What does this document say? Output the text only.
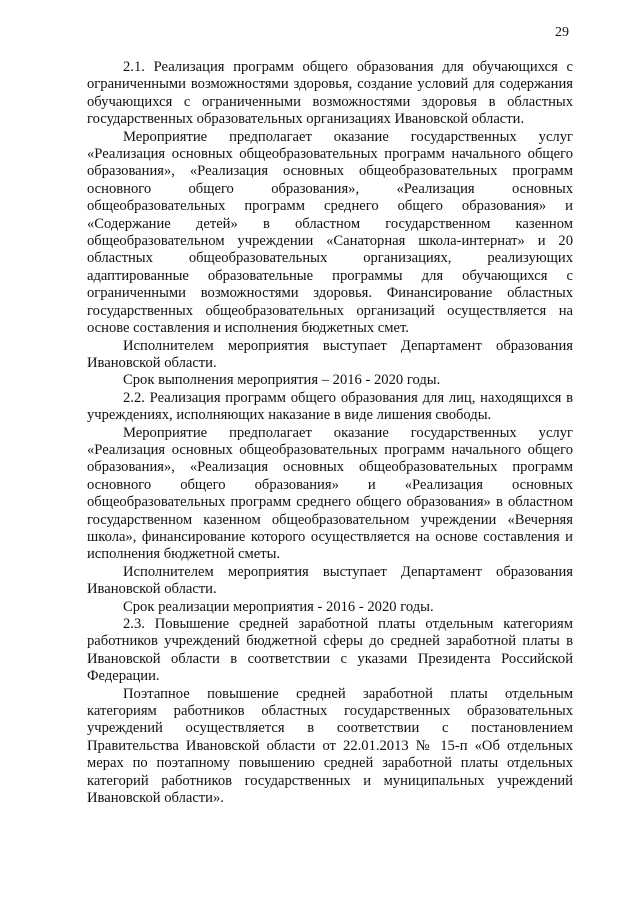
29

2.1. Реализация программ общего образования для обучающихся с ограниченными возможностями здоровья, создание условий для содержания обучающихся с ограниченными возможностями здоровья в областных государственных образовательных организациях Ивановской области.

Мероприятие предполагает оказание государственных услуг «Реализация основных общеобразовательных программ начального общего образования», «Реализация основных общеобразовательных программ основного общего образования», «Реализация основных общеобразовательных программ среднего общего образования» и «Содержание детей» в областном государственном казенном общеобразовательном учреждении «Санаторная школа-интернат» и 20 областных общеобразовательных организациях, реализующих адаптированные образовательные программы для обучающихся с ограниченными возможностями здоровья. Финансирование областных государственных общеобразовательных организаций осуществляется на основе составления и исполнения бюджетных смет.

Исполнителем мероприятия выступает Департамент образования Ивановской области.

Срок выполнения мероприятия – 2016 - 2020 годы.

2.2. Реализация программ общего образования для лиц, находящихся в учреждениях, исполняющих наказание в виде лишения свободы.

Мероприятие предполагает оказание государственных услуг «Реализация основных общеобразовательных программ начального общего образования», «Реализация основных общеобразовательных программ основного общего образования» и «Реализация основных общеобразовательных программ среднего общего образования» в областном государственном казенном общеобразовательном учреждении «Вечерняя школа», финансирование которого осуществляется на основе составления и исполнения бюджетной сметы.

Исполнителем мероприятия выступает Департамент образования Ивановской области.

Срок реализации мероприятия - 2016 - 2020 годы.

2.3. Повышение средней заработной платы отдельным категориям работников учреждений бюджетной сферы до средней заработной платы в Ивановской области в соответствии с указами Президента Российской Федерации.

Поэтапное повышение средней заработной платы отдельным категориям работников областных государственных образовательных учреждений осуществляется в соответствии с постановлением Правительства Ивановской области от 22.01.2013 № 15-п «Об отдельных мерах по поэтапному повышению средней заработной платы отдельных категорий работников государственных и муниципальных учреждений Ивановской области».
